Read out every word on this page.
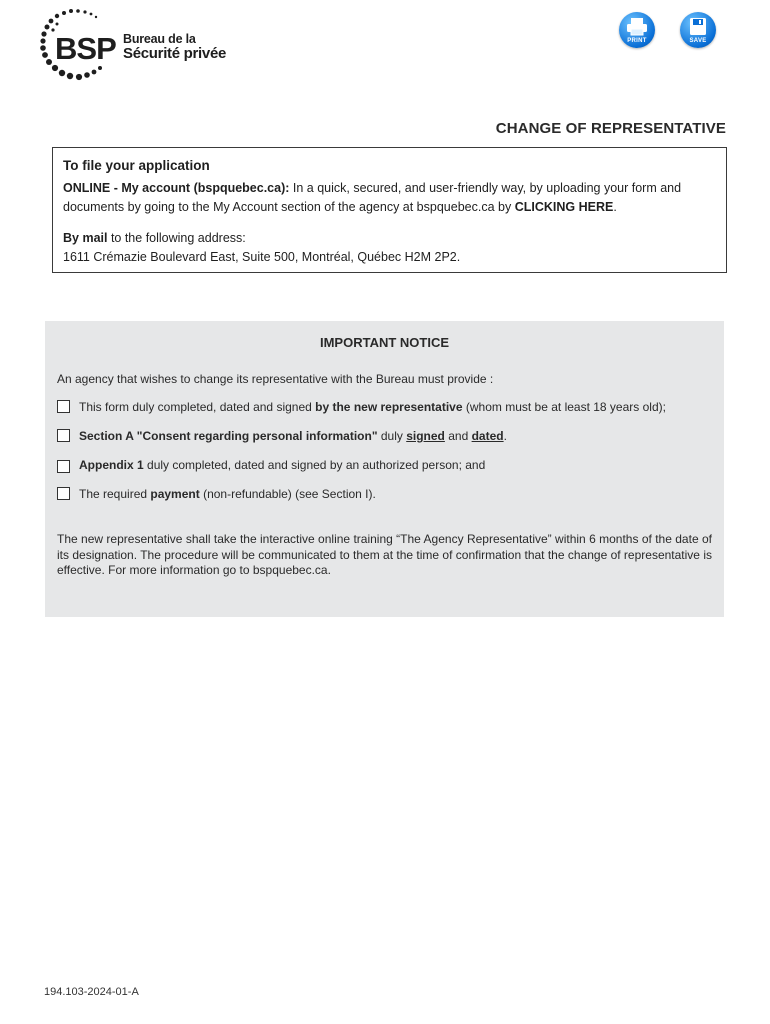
BSP Bureau de la
Sécurité privée
PRINT	SAVE
CHANGE OF REPRESENTATIVE
To file your application

ONLINE - My account (bspquebec.ca): In a quick, secured, and user-friendly way, by uploading your form and documents by going to the My Account section of the agency at bspquebec.ca by CLICKING HERE.

By mail to the following address:
1611 Crémazie Boulevard East, Suite 500, Montréal, Québec H2M 2P2.
IMPORTANT NOTICE
An agency that wishes to change its representative with the Bureau must provide :
This form duly completed, dated and signed by the new representative (whom must be at least 18 years old);
Section A "Consent regarding personal information" duly signed and dated.
Appendix 1 duly completed, dated and signed by an authorized person; and
The required payment (non-refundable) (see Section I).
The new representative shall take the interactive online training “The Agency Representative” within 6 months of the date of its designation. The procedure will be communicated to them at the time of confirmation that the change of representative is effective. For more information go to bspquebec.ca.
194.103-2024-01-A
